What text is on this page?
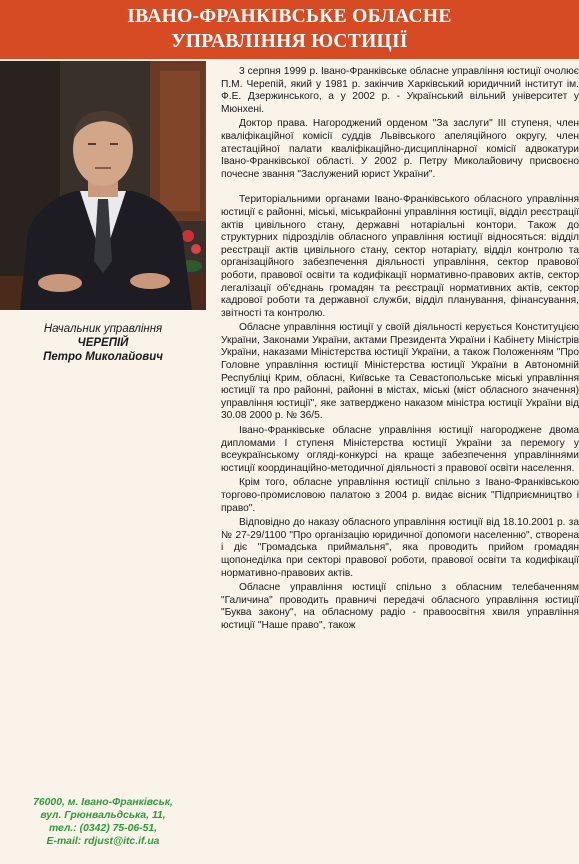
ІВАНО-ФРАНКІВСЬКЕ ОБЛАСНЕ
УПРАВЛІННЯ ЮСТИЦІЇ
Начальник управління
ЧЕРЕПІЙ
Петро Миколайович
76000, м. Івано-Франківськ,
вул. Грюнвальдська, 11,
тел.: (0342) 75-06-51,
E-mail: rdjust@itc.if.ua

3 серпня 1999 р. Івано-Франківське обласне управління юстиції очолює П.М. Черепій, який у 1981 р. закінчив Харківський юридичний інститут ім. Ф.Е. Дзержинського, а у 2002 р. - Український вільний університет у Мюнхені.

Доктор права. Нагороджений орденом "За заслуги" III ступеня, член кваліфікаційної комісії суддів Львівського апеляційного округу, член атестаційної палати кваліфікаційно-дисциплінарної комісії адвокатури Івано-Франківської області. У 2002 р. Петру Миколайовичу присвоєно почесне звання "Заслужений юрист України".

Територіальними органами Івано-Франківського обласного управління юстиції є районні, міські, міськрайонні управління юстиції, відділ реєстрації актів цивільного стану, державні нотаріальні контори. Також до структурних підрозділів обласного управління юстиції відносяться: відділ реєстрації актів цивільного стану, сектор нотаріату, відділ контролю та організаційного забезпечення діяльності управління, сектор правової роботи, правової освіти та кодифікації нормативно-правових актів, сектор легалізації об'єднань громадян та реєстрації нормативних актів, сектор кадрової роботи та державної служби, відділ планування, фінансування, звітності та контролю.

Обласне управління юстиції у своїй діяльності керується Конституцією України, Законами України, актами Президента України і Кабінету Міністрів України, наказами Міністерства юстиції України, а також Положенням "Про Головне управління юстиції Міністерства юстиції України в Автономній Республіці Крим, обласні, Київське та Севастопольське міські управління юстиції та про районні, районні в містах, міські (міст обласного значення) управління юстиції", яке затверджено наказом міністра юстиції України від 30.08 2000 р. № 36/5.

Івано-Франківське обласне управління юстиції нагороджене двома дипломами I ступеня Міністерства юстиції України за перемогу у всеукраїнському огляді-конкурсі на краще забезпечення управліннями юстиції координаційно-методичної діяльності з правової освіти населення.

Крім того, обласне управління юстиції спільно з Івано-Франківською торгово-промисловою палатою з 2004 р. видає вісник "Підприємництво і право".

Відповідно до наказу обласного управління юстиції від 18.10.2001 р. за № 27-29/1100 "Про організацію юридичної допомоги населенню", створена і діє "Громадська приймальня", яка проводить прийом громадян щопонеділка при секторі правової роботи, правової освіти та кодифікації нормативно-правових актів.

Обласне управління юстиції спільно з обласним телебаченням "Галичина" проводить правничі передачі обласного управління юстиції "Буква закону", на обласному радіо - правоосвітня хвиля управління юстиції "Наше право", також
